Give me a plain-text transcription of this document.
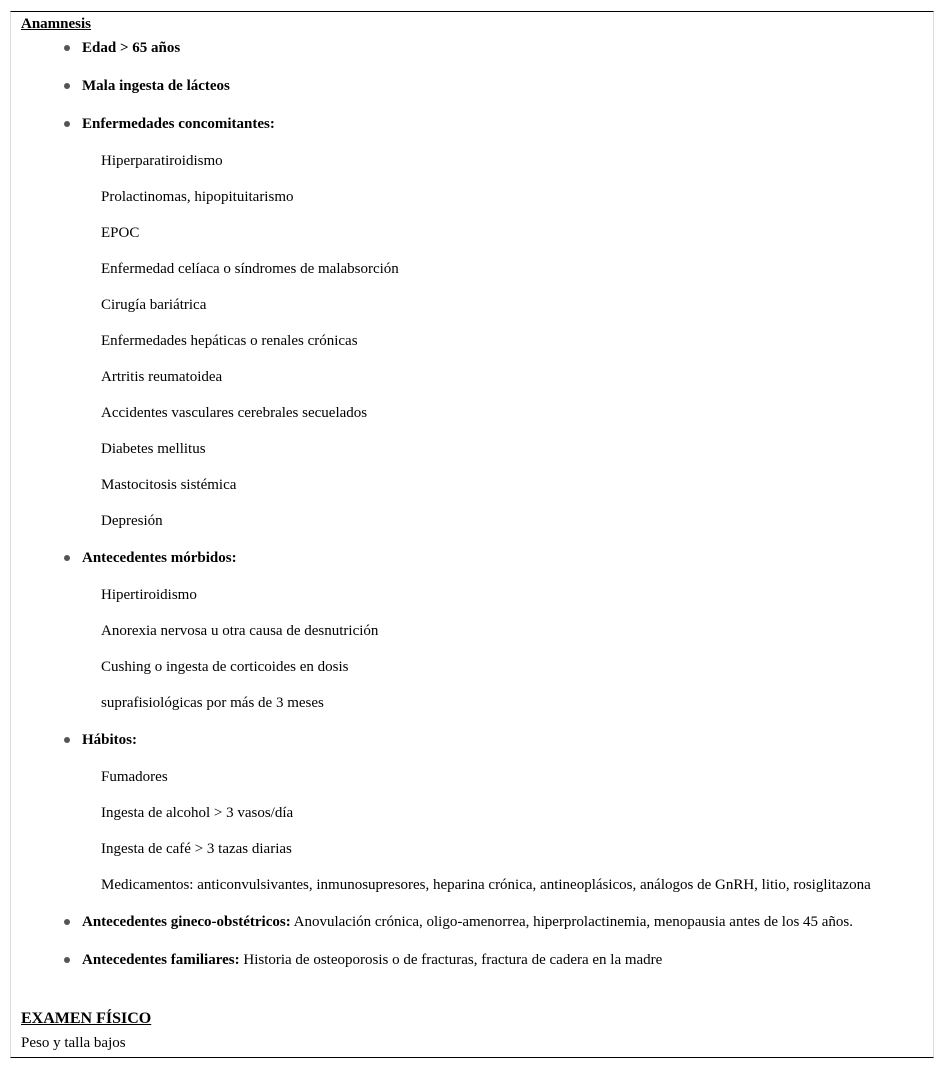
Anamnesis
Edad > 65 años
Mala ingesta de lácteos
Enfermedades concomitantes:
Hiperparatiroidismo
Prolactinomas, hipopituitarismo
EPOC
Enfermedad celíaca o síndromes de malabsorción
Cirugía bariátrica
Enfermedades hepáticas o renales crónicas
Artritis reumatoidea
Accidentes vasculares cerebrales secuelados
Diabetes mellitus
Mastocitosis sistémica
Depresión
Antecedentes mórbidos:
Hipertiroidismo
Anorexia nervosa u otra causa de desnutrición
Cushing o ingesta de corticoides en dosis
suprafisiológicas por más de 3 meses
Hábitos:
Fumadores
Ingesta de alcohol > 3 vasos/día
Ingesta de café > 3 tazas diarias
Medicamentos: anticonvulsivantes, inmunosupresores, heparina crónica, antineoplásicos, análogos de GnRH, litio, rosiglitazona
Antecedentes gineco-obstétricos: Anovulación crónica, oligo-amenorrea, hiperprolactinemia, menopausia antes de los 45 años.
Antecedentes familiares: Historia de osteoporosis o de fracturas, fractura de cadera en la madre
EXAMEN FÍSICO
Peso y talla bajos
